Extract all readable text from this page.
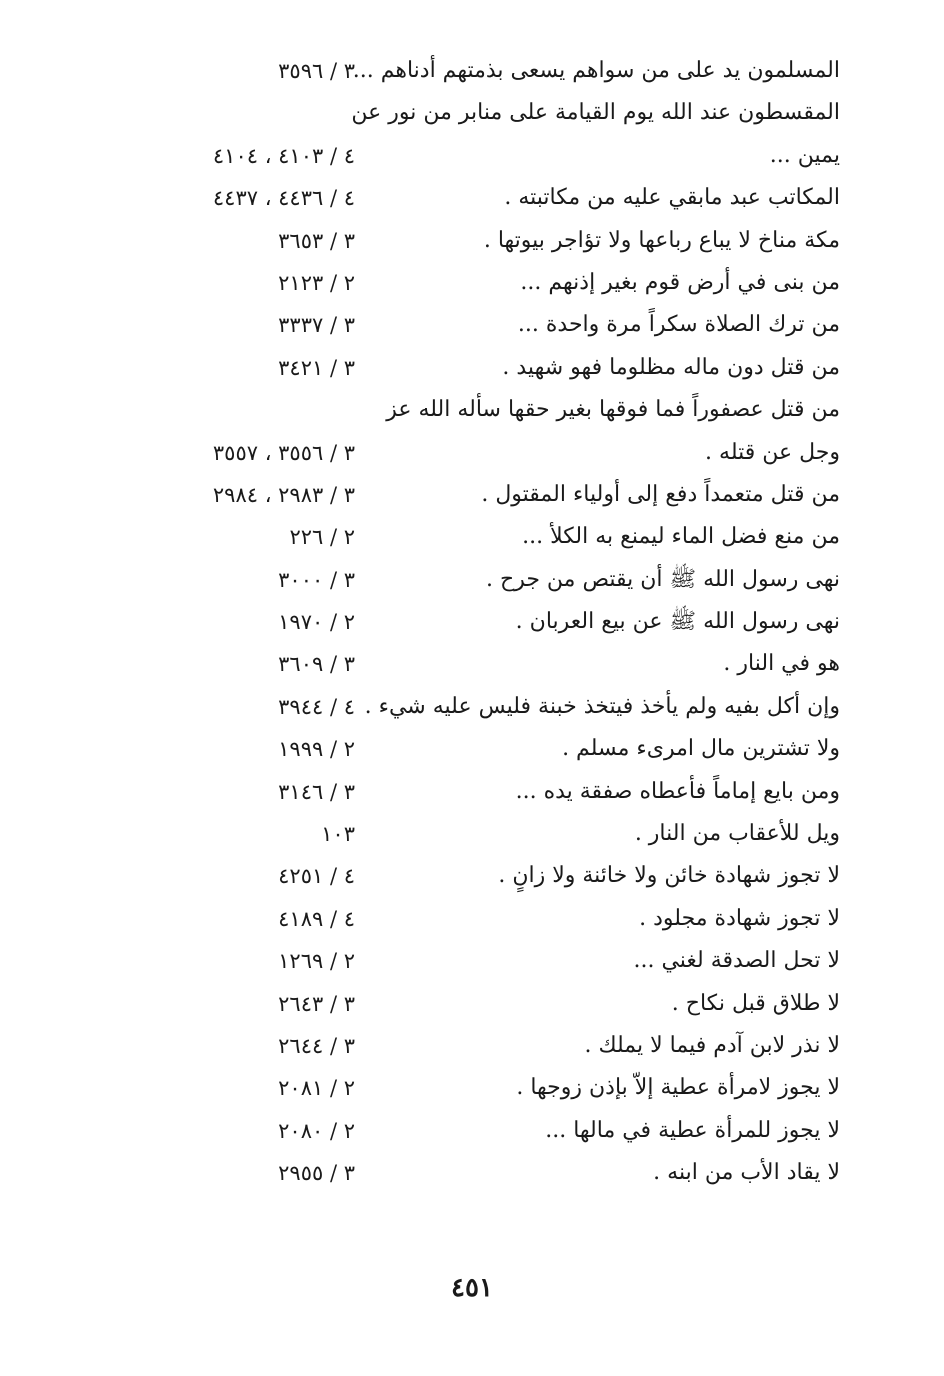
المسلمون يد على من سواهم يسعى بذمتهم أدناهم ...
٣ / ٣٥٩٦
المقسطون عند الله يوم القيامة على منابر من نور عن
يمين ...
٤ / ٤١٠٣ ، ٤١٠٤
المكاتب عبد مابقي عليه من مكاتبته .
٤ / ٤٤٣٦ ، ٤٤٣٧
مكة مناخ لا يباع رباعها ولا تؤاجر بيوتها .
٣ / ٣٦٥٣
من بنى في أرض قوم بغير إذنهم ...
٢ / ٢١٢٣
من ترك الصلاة سكراً مرة واحدة ...
٣ / ٣٣٣٧
من قتل دون ماله مظلوما فهو شهيد .
٣ / ٣٤٢١
من قتل عصفوراً فما فوقها بغير حقها سأله الله عز
وجل عن قتله .
٣ / ٣٥٥٦ ، ٣٥٥٧
من قتل متعمداً دفع إلى أولياء المقتول .
٣ / ٢٩٨٣ ، ٢٩٨٤
من منع فضل الماء ليمنع به الكلأ ...
٢ / ٢٢٦
نهى رسول الله ﷺ أن يقتص من جرح .
٣ / ٣٠٠٠
نهى رسول الله ﷺ عن بيع العربان .
٢ / ١٩٧٠
هو في النار .
٣ / ٣٦٠٩
وإن أكل بفيه ولم يأخذ فيتخذ خبنة فليس عليه شيء .
٤ / ٣٩٤٤
ولا تشترين مال امرىء مسلم .
٢ / ١٩٩٩
ومن بايع إماماً فأعطاه صفقة يده ...
٣ / ٣١٤٦
ويل للأعقاب من النار .
١٠٣
لا تجوز شهادة خائن ولا خائنة ولا زانٍ .
٤ / ٤٢٥١
لا تجوز شهادة مجلود .
٤ / ٤١٨٩
لا تحل الصدقة لغني ...
٢ / ١٢٦٩
لا طلاق قبل نكاح .
٣ / ٢٦٤٣
لا نذر لابن آدم فيما لا يملك .
٣ / ٢٦٤٤
لا يجوز لامرأة عطية إلاّ بإذن زوجها .
٢ / ٢٠٨١
لا يجوز للمرأة عطية في مالها ...
٢ / ٢٠٨٠
لا يقاد الأب من ابنه .
٣ / ٢٩٥٥
٤٥١
